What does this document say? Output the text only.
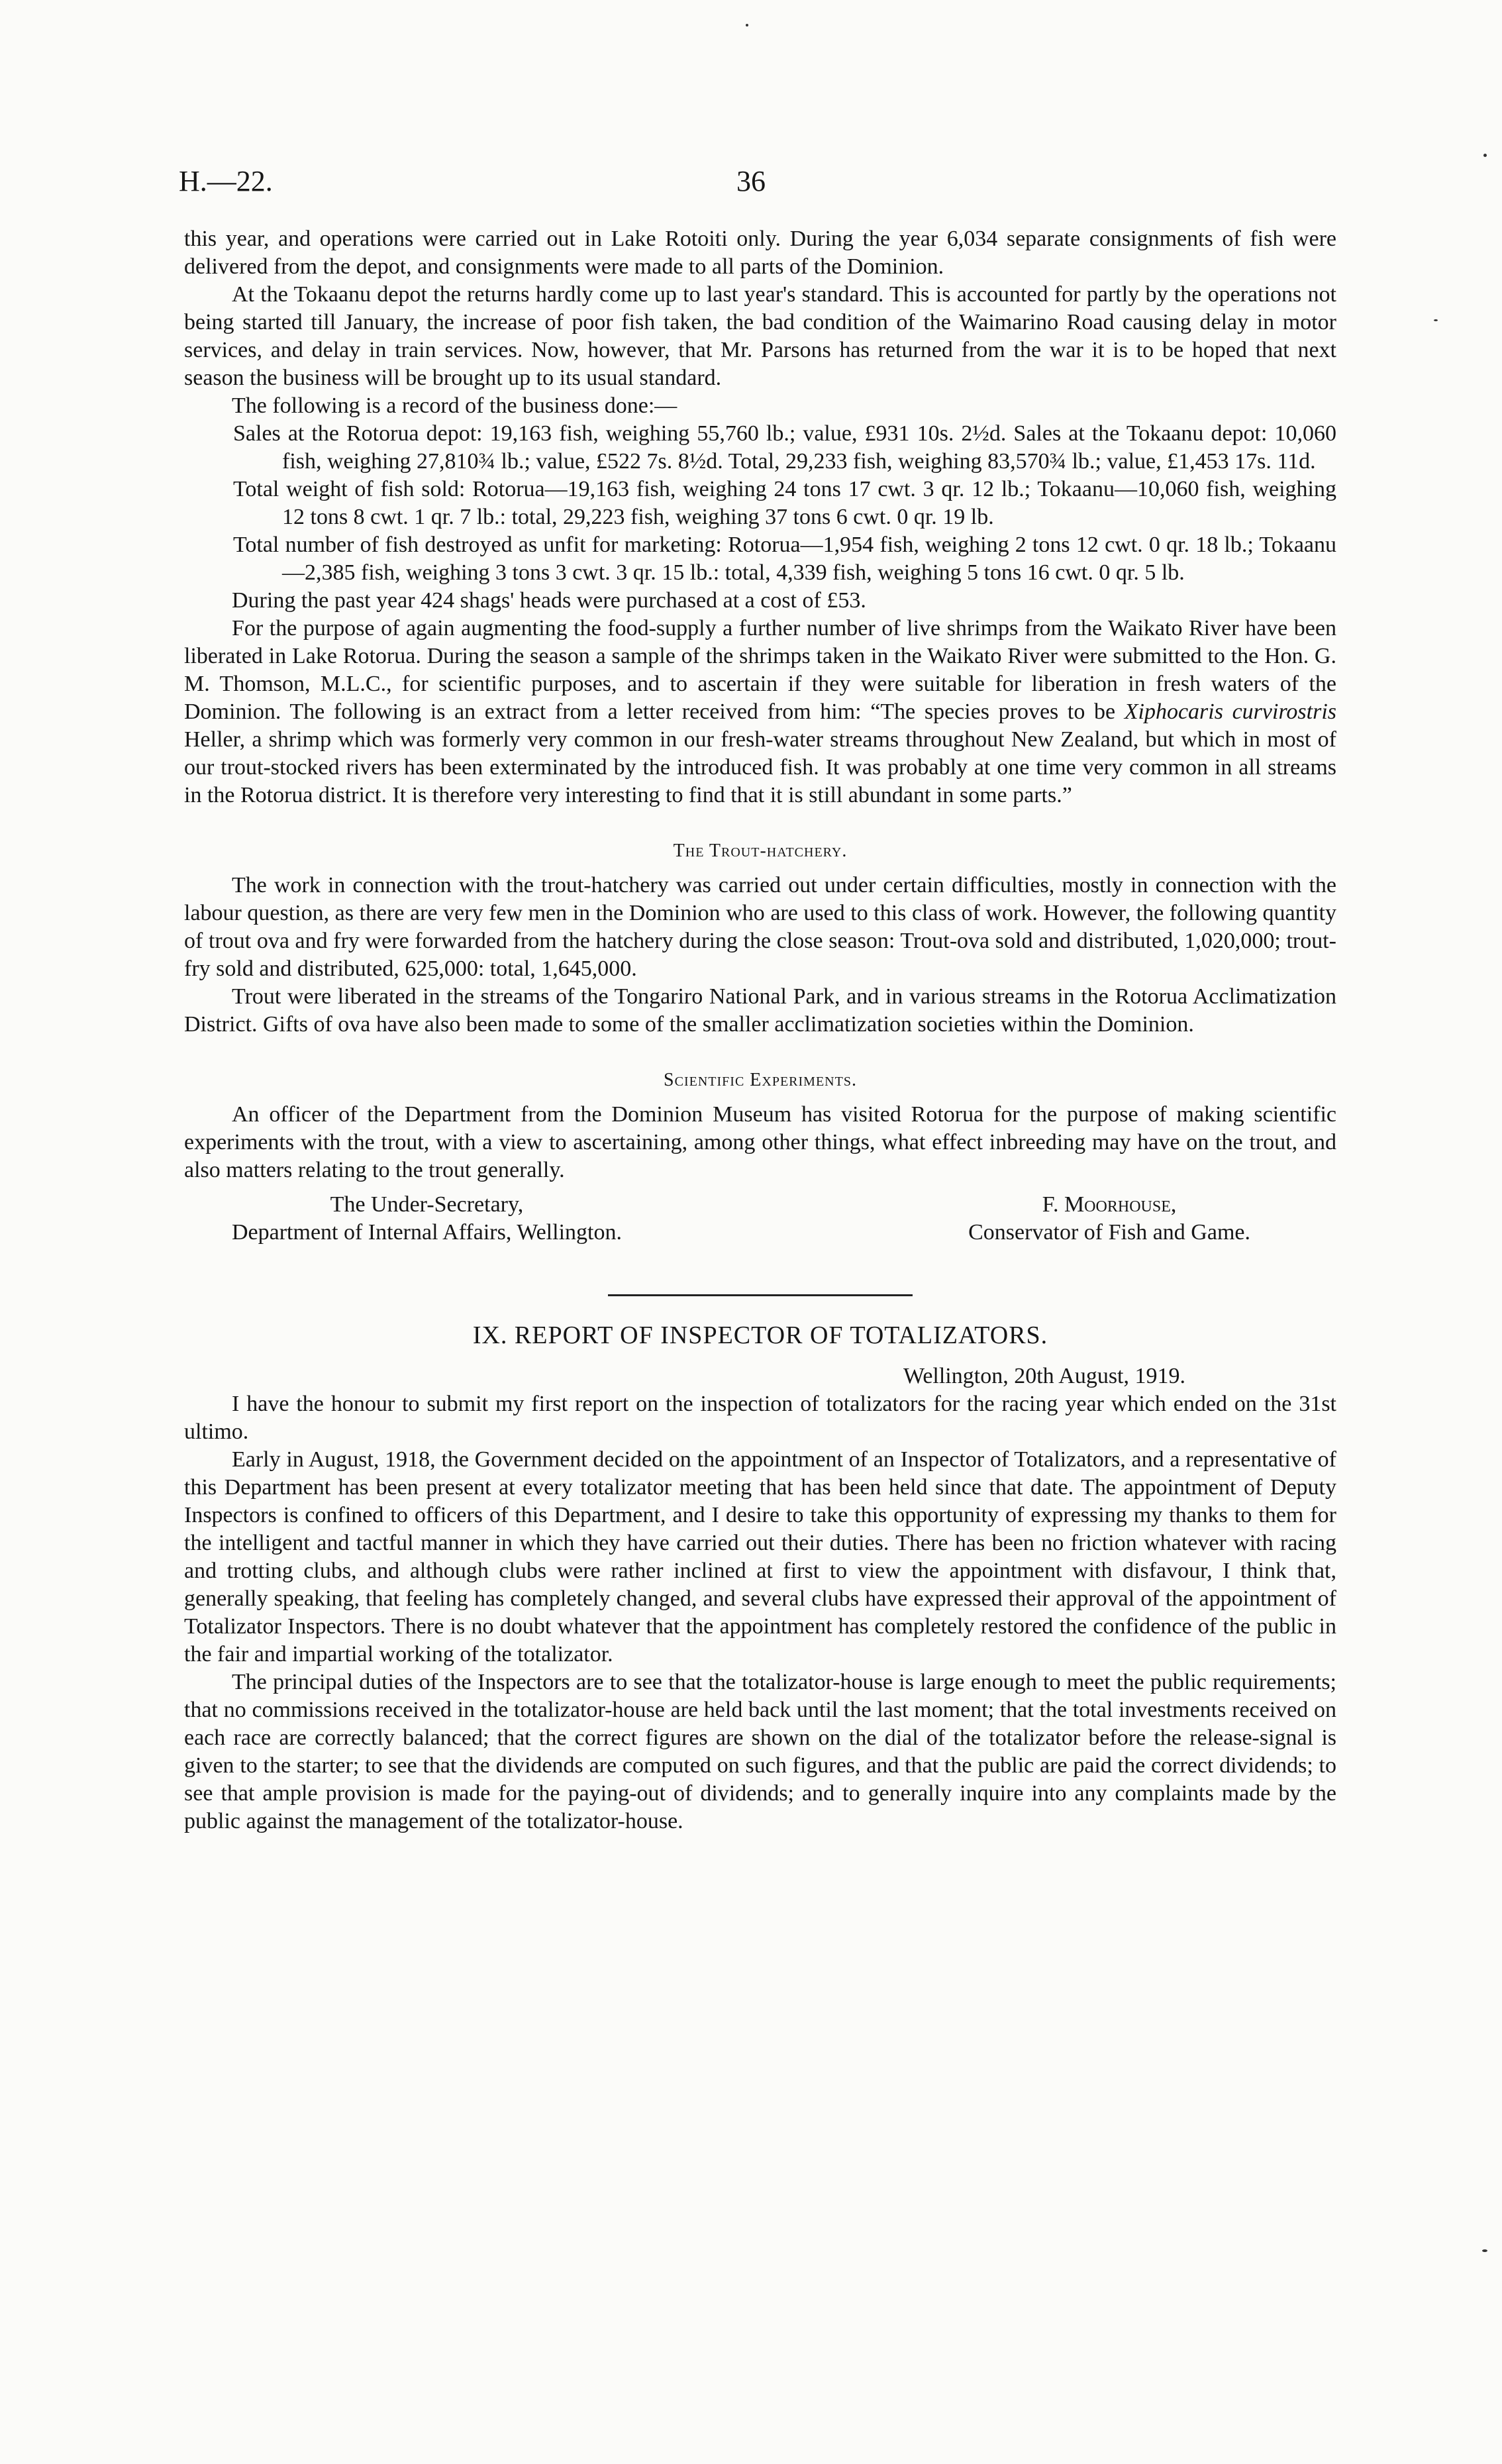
H.—22.	36

this year, and operations were carried out in Lake Rotoiti only. During the year 6,034 separate consignments of fish were delivered from the depot, and consignments were made to all parts of the Dominion.

At the Tokaanu depot the returns hardly come up to last year's standard. This is accounted for partly by the operations not being started till January, the increase of poor fish taken, the bad condition of the Waimarino Road causing delay in motor services, and delay in train services. Now, however, that Mr. Parsons has returned from the war it is to be hoped that next season the business will be brought up to its usual standard.

The following is a record of the business done:—

Sales at the Rotorua depot: 19,163 fish, weighing 55,760 lb.; value, £931 10s. 2½d. Sales at the Tokaanu depot: 10,060 fish, weighing 27,810¾ lb.; value, £522 7s. 8½d. Total, 29,233 fish, weighing 83,570¾ lb.; value, £1,453 17s. 11d.

Total weight of fish sold: Rotorua—19,163 fish, weighing 24 tons 17 cwt. 3 qr. 12 lb.; Tokaanu—10,060 fish, weighing 12 tons 8 cwt. 1 qr. 7 lb.: total, 29,223 fish, weighing 37 tons 6 cwt. 0 qr. 19 lb.

Total number of fish destroyed as unfit for marketing: Rotorua—1,954 fish, weighing 2 tons 12 cwt. 0 qr. 18 lb.; Tokaanu—2,385 fish, weighing 3 tons 3 cwt. 3 qr. 15 lb.: total, 4,339 fish, weighing 5 tons 16 cwt. 0 qr. 5 lb.

During the past year 424 shags' heads were purchased at a cost of £53.

For the purpose of again augmenting the food-supply a further number of live shrimps from the Waikato River have been liberated in Lake Rotorua. During the season a sample of the shrimps taken in the Waikato River were submitted to the Hon. G. M. Thomson, M.L.C., for scientific purposes, and to ascertain if they were suitable for liberation in fresh waters of the Dominion. The following is an extract from a letter received from him: “The species proves to be Xiphocaris curvirostris Heller, a shrimp which was formerly very common in our fresh-water streams throughout New Zealand, but which in most of our trout-stocked rivers has been exterminated by the introduced fish. It was probably at one time very common in all streams in the Rotorua district. It is therefore very interesting to find that it is still abundant in some parts.”

The Trout-hatchery.

The work in connection with the trout-hatchery was carried out under certain difficulties, mostly in connection with the labour question, as there are very few men in the Dominion who are used to this class of work. However, the following quantity of trout ova and fry were forwarded from the hatchery during the close season: Trout-ova sold and distributed, 1,020,000; trout-fry sold and distributed, 625,000: total, 1,645,000.

Trout were liberated in the streams of the Tongariro National Park, and in various streams in the Rotorua Acclimatization District. Gifts of ova have also been made to some of the smaller acclimatization societies within the Dominion.

Scientific Experiments.

An officer of the Department from the Dominion Museum has visited Rotorua for the purpose of making scientific experiments with the trout, with a view to ascertaining, among other things, what effect inbreeding may have on the trout, and also matters relating to the trout generally.

The Under-Secretary,
Department of Internal Affairs, Wellington.
F. Moorhouse,
Conservator of Fish and Game.

IX. REPORT OF INSPECTOR OF TOTALIZATORS.

Wellington, 20th August, 1919.

I have the honour to submit my first report on the inspection of totalizators for the racing year which ended on the 31st ultimo.

Early in August, 1918, the Government decided on the appointment of an Inspector of Totalizators, and a representative of this Department has been present at every totalizator meeting that has been held since that date. The appointment of Deputy Inspectors is confined to officers of this Department, and I desire to take this opportunity of expressing my thanks to them for the intelligent and tactful manner in which they have carried out their duties. There has been no friction whatever with racing and trotting clubs, and although clubs were rather inclined at first to view the appointment with disfavour, I think that, generally speaking, that feeling has completely changed, and several clubs have expressed their approval of the appointment of Totalizator Inspectors. There is no doubt whatever that the appointment has completely restored the confidence of the public in the fair and impartial working of the totalizator.

The principal duties of the Inspectors are to see that the totalizator-house is large enough to meet the public requirements; that no commissions received in the totalizator-house are held back until the last moment; that the total investments received on each race are correctly balanced; that the correct figures are shown on the dial of the totalizator before the release-signal is given to the starter; to see that the dividends are computed on such figures, and that the public are paid the correct dividends; to see that ample provision is made for the paying-out of dividends; and to generally inquire into any complaints made by the public against the management of the totalizator-house.
